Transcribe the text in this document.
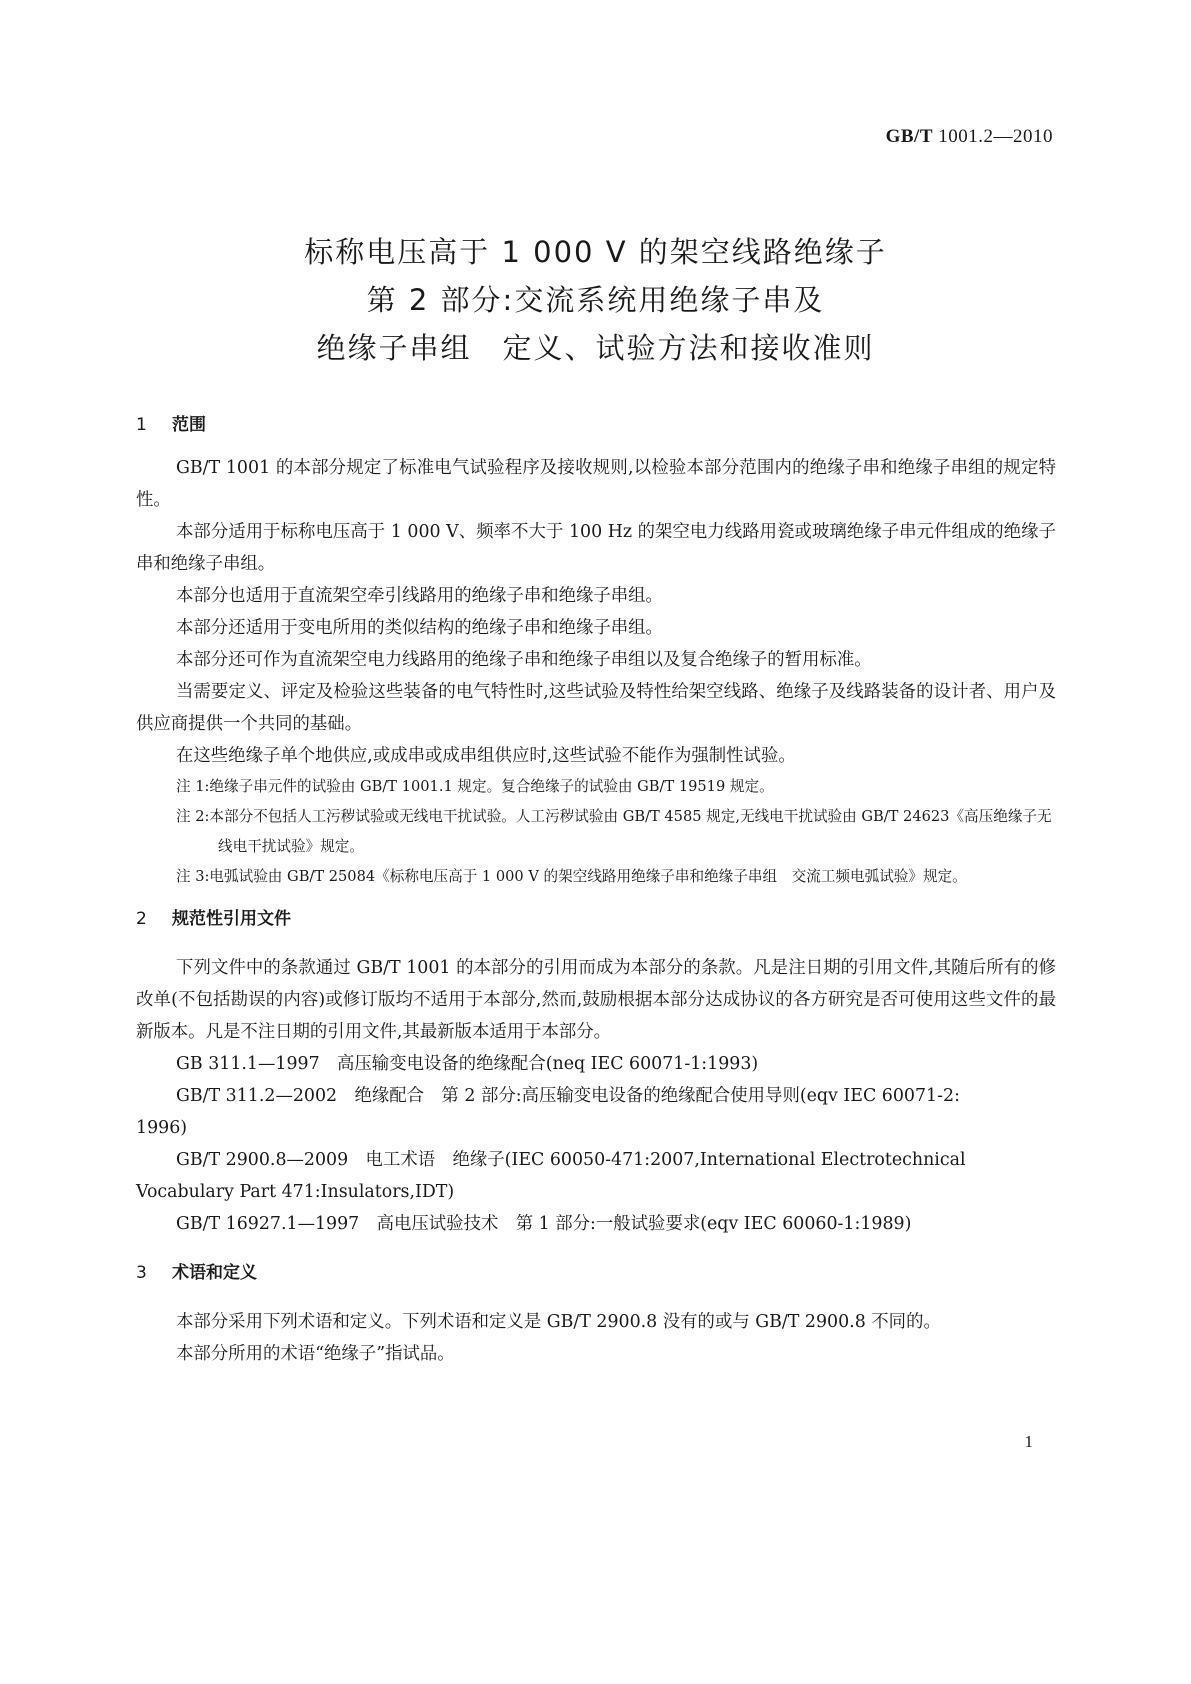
GB/T 1001.2—2010
标称电压高于 1 000 V 的架空线路绝缘子
第 2 部分:交流系统用绝缘子串及
绝缘子串组　定义、试验方法和接收准则
1 范围

GB/T 1001 的本部分规定了标准电气试验程序及接收规则,以检验本部分范围内的绝缘子串和绝缘子串组的规定特性。

本部分适用于标称电压高于 1 000 V、频率不大于 100 Hz 的架空电力线路用瓷或玻璃绝缘子串元件组成的绝缘子串和绝缘子串组。

本部分也适用于直流架空牵引线路用的绝缘子串和绝缘子串组。

本部分还适用于变电所用的类似结构的绝缘子串和绝缘子串组。

本部分还可作为直流架空电力线路用的绝缘子串和绝缘子串组以及复合绝缘子的暂用标准。

当需要定义、评定及检验这些装备的电气特性时,这些试验及特性给架空线路、绝缘子及线路装备的设计者、用户及供应商提供一个共同的基础。

在这些绝缘子单个地供应,或成串或成串组供应时,这些试验不能作为强制性试验。

注 1:绝缘子串元件的试验由 GB/T 1001.1 规定。复合绝缘子的试验由 GB/T 19519 规定。

注 2:本部分不包括人工污秽试验或无线电干扰试验。人工污秽试验由 GB/T 4585 规定,无线电干扰试验由 GB/T 24623《高压绝缘子无线电干扰试验》规定。

注 3:电弧试验由 GB/T 25084《标称电压高于 1 000 V 的架空线路用绝缘子串和绝缘子串组　交流工频电弧试验》规定。

2 规范性引用文件

下列文件中的条款通过 GB/T 1001 的本部分的引用而成为本部分的条款。凡是注日期的引用文件,其随后所有的修改单(不包括勘误的内容)或修订版均不适用于本部分,然而,鼓励根据本部分达成协议的各方研究是否可使用这些文件的最新版本。凡是不注日期的引用文件,其最新版本适用于本部分。

GB 311.1—1997　高压输变电设备的绝缘配合(neq IEC 60071-1:1993)

GB/T 311.2—2002　绝缘配合　第 2 部分:高压输变电设备的绝缘配合使用导则(eqv IEC 60071-2:

1996)

GB/T 2900.8—2009　电工术语　绝缘子(IEC 60050-471:2007,International Electrotechnical

Vocabulary Part 471:Insulators,IDT)

GB/T 16927.1—1997　高电压试验技术　第 1 部分:一般试验要求(eqv IEC 60060-1:1989)

3 术语和定义

本部分采用下列术语和定义。下列术语和定义是 GB/T 2900.8 没有的或与 GB/T 2900.8 不同的。

本部分所用的术语“绝缘子”指试品。

1
